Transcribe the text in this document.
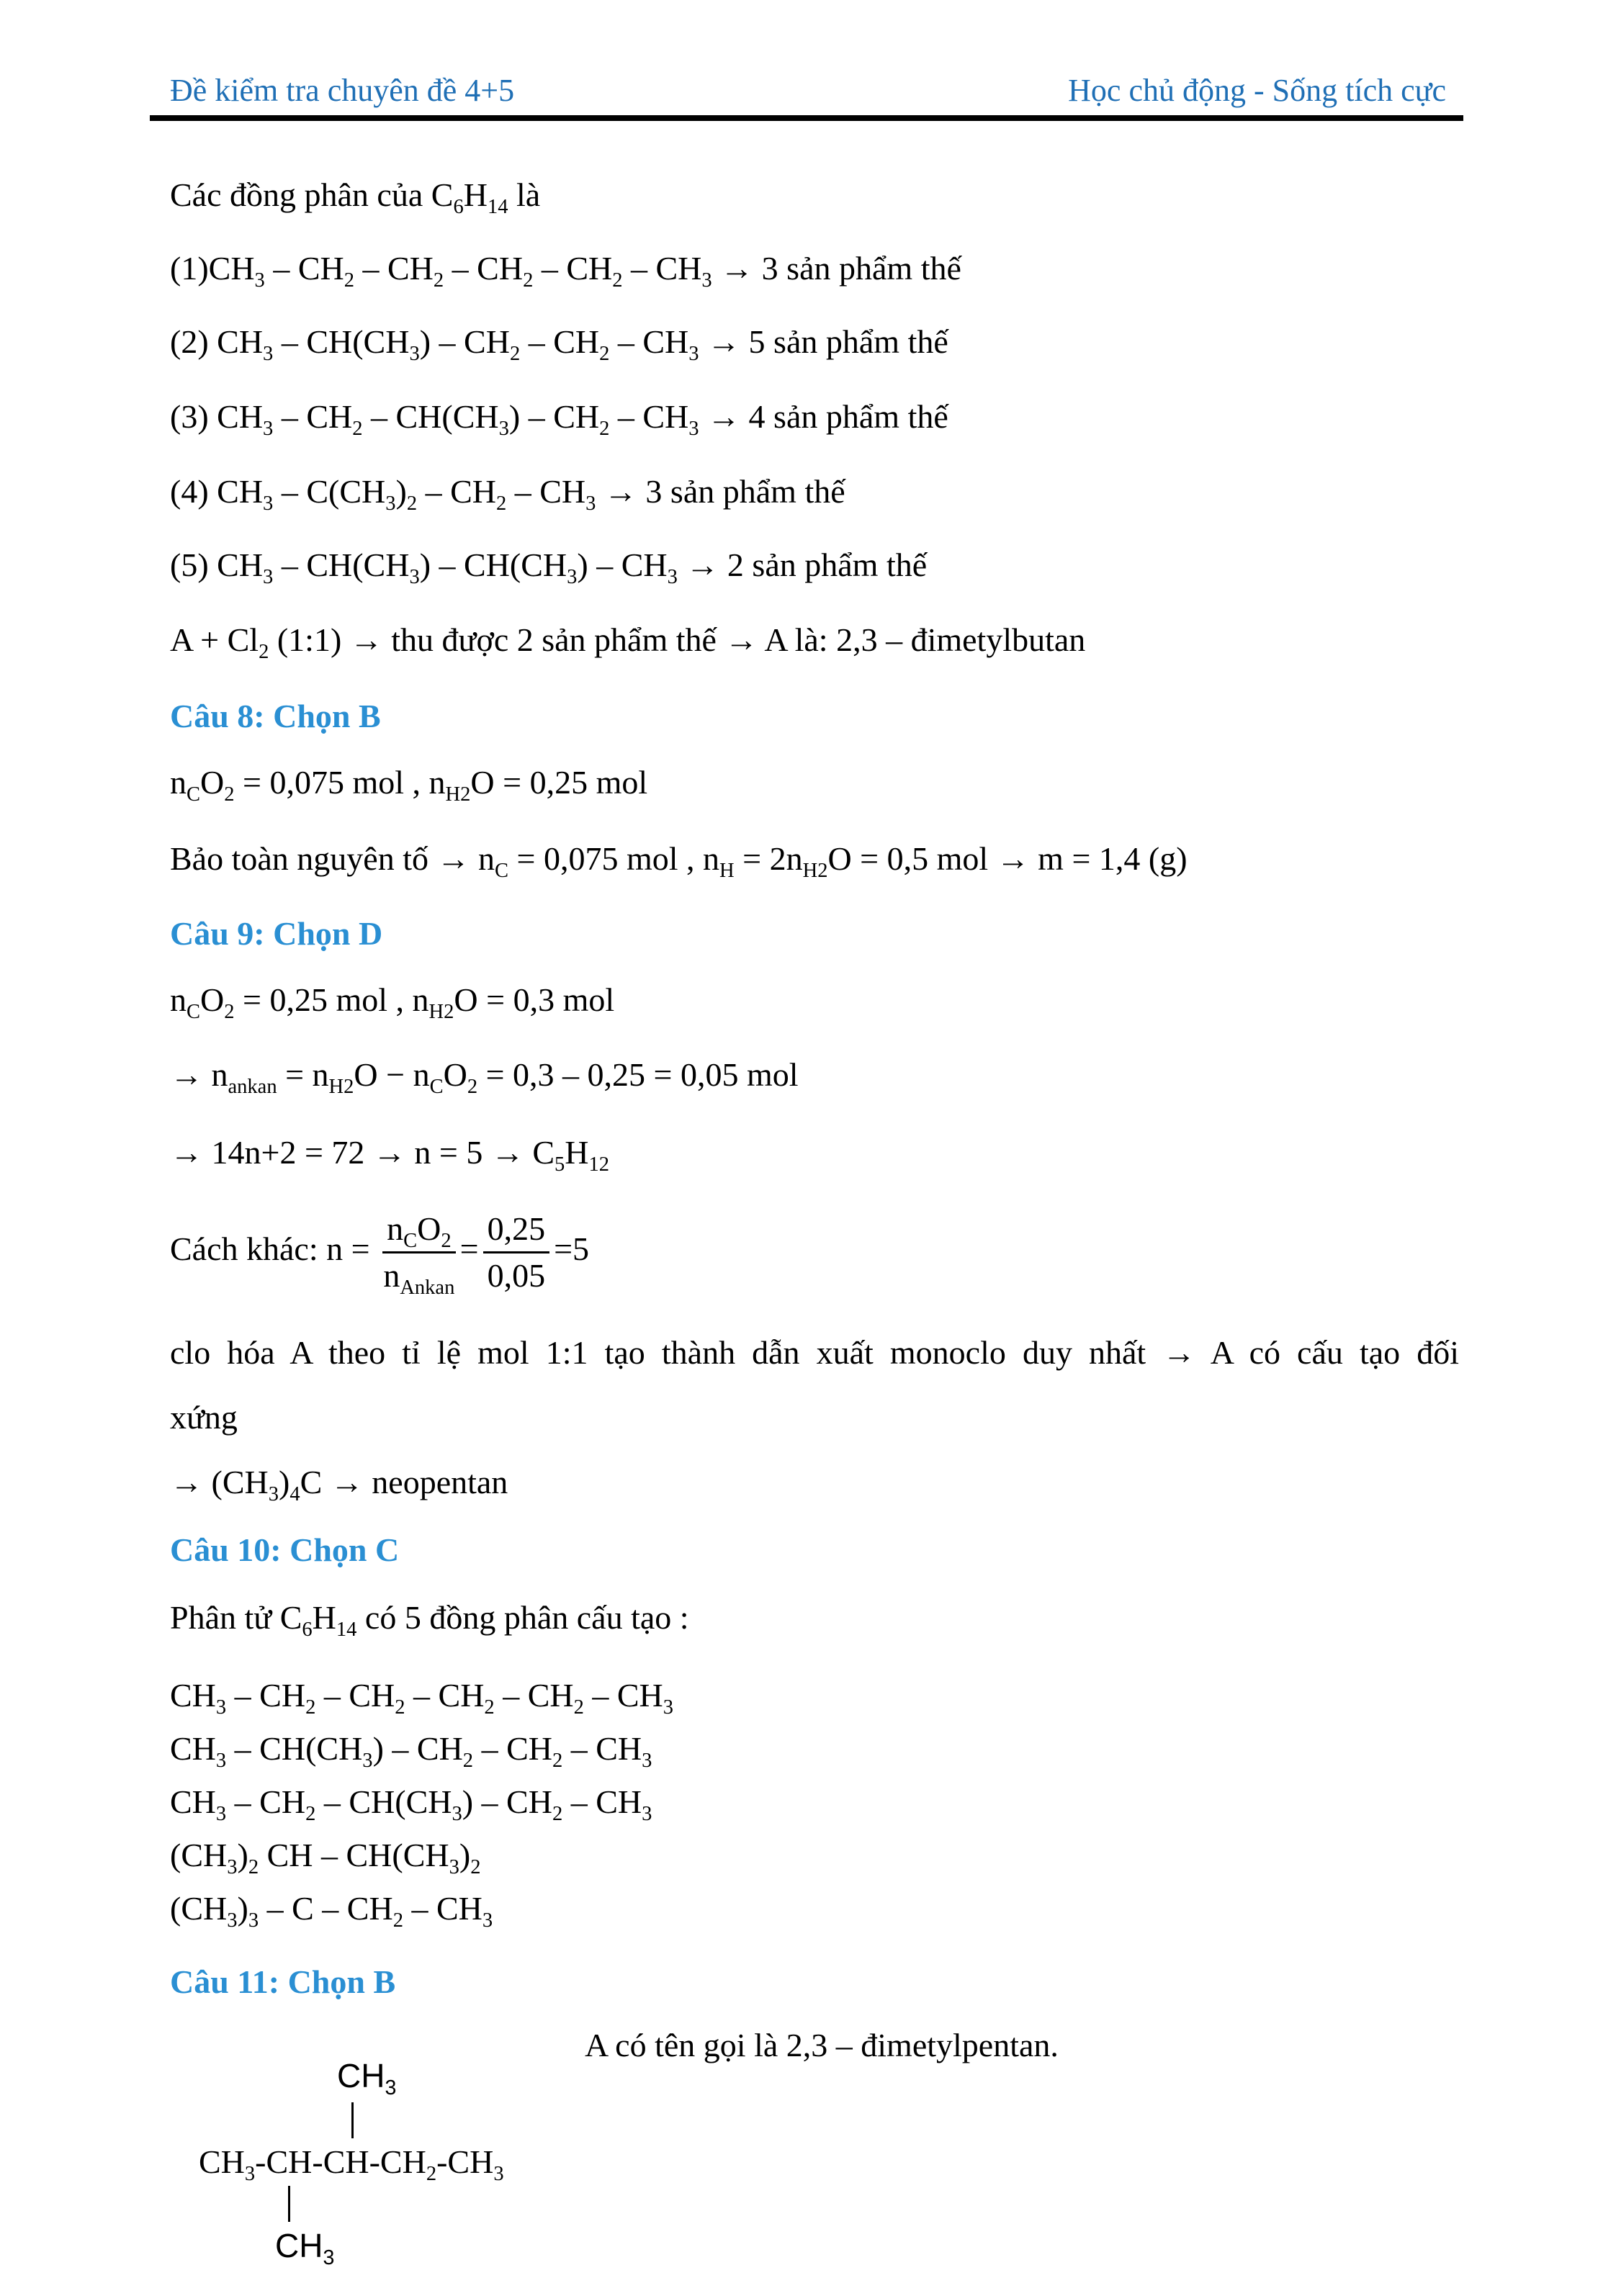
Đề kiểm tra chuyên đề 4+5	Học chủ động - Sống tích cực
Các đồng phân của $C_6H_{14}$ là
$(1)CH_3 - CH_2 - CH_2 - CH_2 - CH_2 - CH_3 \to 3$ sản phẩm thế
(2) $CH_3 - CH(CH_3) - CH_2 - CH_2 - CH_3 \to 5$ sản phẩm thế
(3) $CH_3 - CH_2 - CH(CH_3) - CH_2 - CH_3 \to 4$ sản phẩm thế
(4) $CH_3 - C(CH_3)_2 - CH_2 - CH_3 \to 3$ sản phẩm thế
(5) $CH_3 - CH(CH_3) - CH(CH_3) - CH_3 \to 2$ sản phẩm thế
$A + Cl_2$ (1:1) → thu được 2 sản phẩm thế → A là: 2,3 – đimetylbutan
Câu 8: Chọn B
$n_CO_2 = 0,075$ mol , $n_{H2}O = 0,25$ mol
Bảo toàn nguyên tố → $n_C = 0,075$ mol , $n_H = 2n_{H2}O = 0,5$ mol → m = 1,4 (g)
Câu 9: Chọn D
$n_CO_2 = 0,25$ mol , $n_{H2}O = 0,3$ mol
→ $n_{ankan} = n_{H2}O - n_CO_2 = 0,3 - 0,25 = 0,05$ mol
→ $14n+2 = 72 \to n = 5 \to C_5H_{12}$
Cách khác: $n = \frac{n_CO_2}{n_{Ankan}} = \frac{0,25}{0,05} =5$
clo hóa A theo tỉ lệ mol 1:1 tạo thành dẫn xuất monoclo duy nhất → A có cấu tạo đối
xứng
→ $(CH_3)_4C$ → neopentan
Câu 10: Chọn C
Phân tử $C_6H_{14}$ có 5 đồng phân cấu tạo :
$CH_3 - CH_2 - CH_2 - CH_2 - CH_2 - CH_3$
$CH_3 - CH(CH_3) - CH_2 - CH_2 - CH_3$
$CH_3 - CH_2 - CH(CH_3) - CH_2 - CH_3$
$(CH_3)_2$ CH – $CH(CH_3)_2$
$(CH_3)_3$ – C – $CH_2 - CH_3$
Câu 11: Chọn B
A có tên gọi là 2,3 – đimetylpentan.
$CH_3$
$CH_3-CH-CH-CH_2-CH_3$
$CH_3$
